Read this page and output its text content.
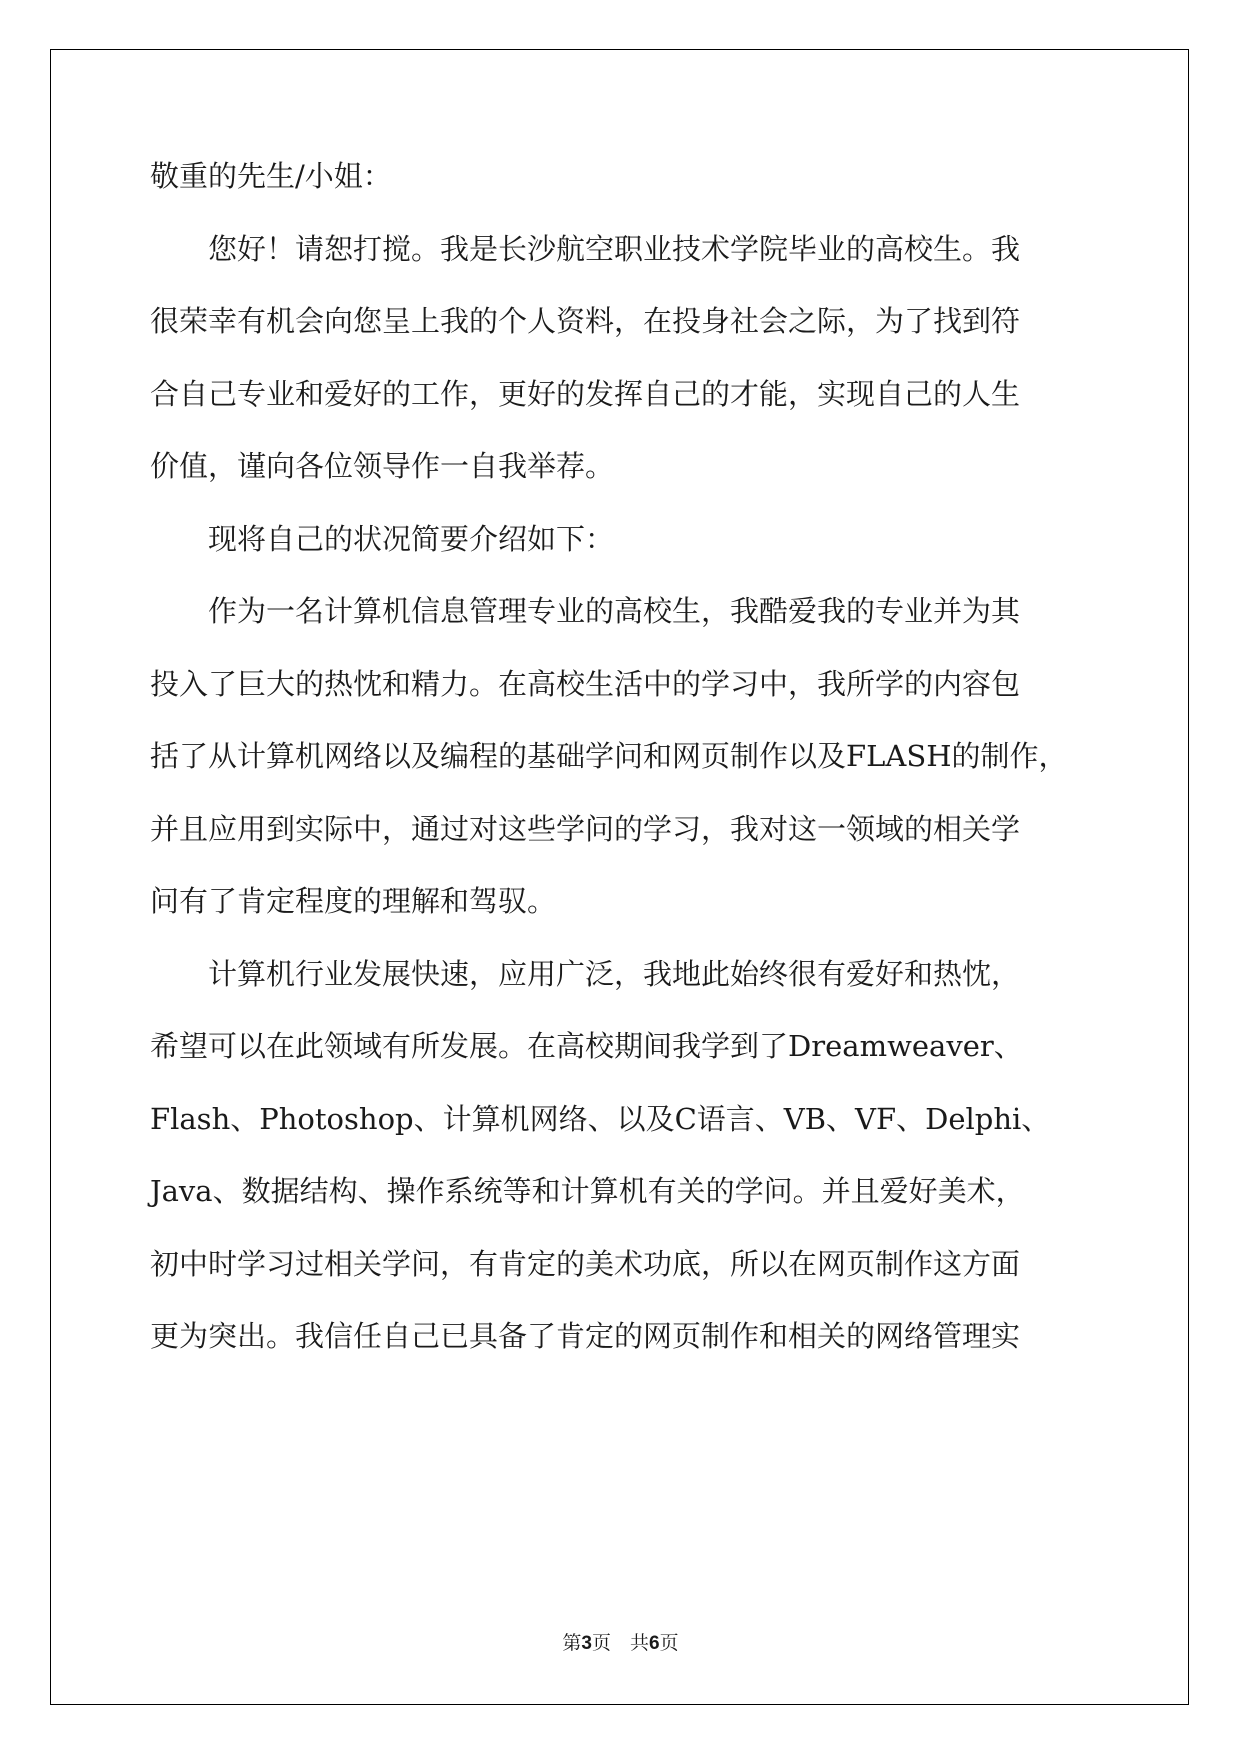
敬重的先生/小姐：
　　您好！请恕打搅。我是长沙航空职业技术学院毕业的高校生。我
很荣幸有机会向您呈上我的个人资料，在投身社会之际，为了找到符
合自己专业和爱好的工作，更好的发挥自己的才能，实现自己的人生
价值，谨向各位领导作一自我举荐。
　　现将自己的状况简要介绍如下：
　　作为一名计算机信息管理专业的高校生，我酷爱我的专业并为其
投入了巨大的热忱和精力。在高校生活中的学习中，我所学的内容包
括了从计算机网络以及编程的基础学问和网页制作以及FLASH的制作，
并且应用到实际中，通过对这些学问的学习，我对这一领域的相关学
问有了肯定程度的理解和驾驭。
　　计算机行业发展快速，应用广泛，我地此始终很有爱好和热忱，
希望可以在此领域有所发展。在高校期间我学到了Dreamweaver、
Flash、Photoshop、计算机网络、以及C语言、VB、VF、Delphi、
Java、数据结构、操作系统等和计算机有关的学问。并且爱好美术，
初中时学习过相关学问，有肯定的美术功底，所以在网页制作这方面
更为突出。我信任自己已具备了肯定的网页制作和相关的网络管理实
第3页　共6页
